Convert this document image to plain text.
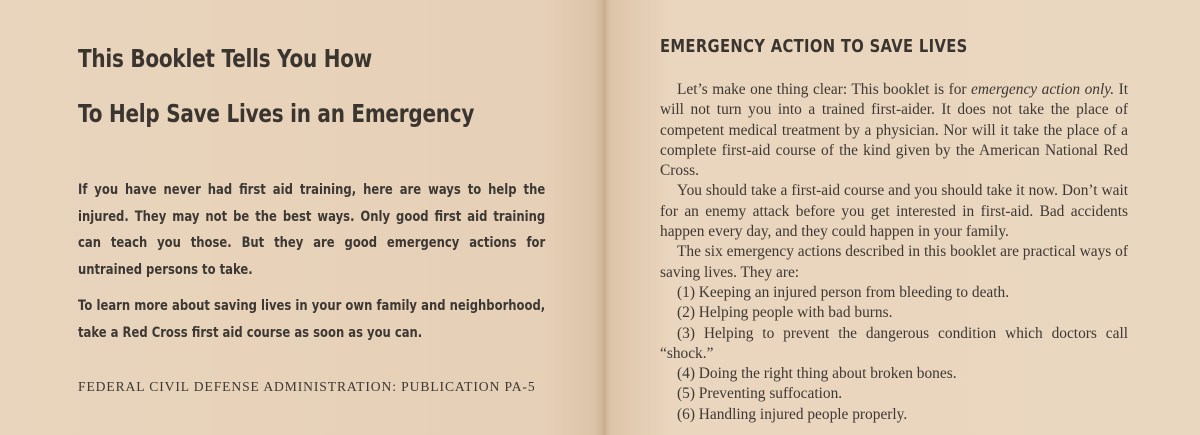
This Booklet Tells You How
To Help Save Lives in an Emergency

If you have never had first aid training, here are ways to help the injured. They may not be the best ways. Only good first aid training can teach you those. But they are good emergency actions for untrained persons to take.

To learn more about saving lives in your own family and neighborhood, take a Red Cross first aid course as soon as you can.

FEDERAL CIVIL DEFENSE ADMINISTRATION: PUBLICATION PA-5

EMERGENCY ACTION TO SAVE LIVES

Let’s make one thing clear: This booklet is for emergency action only. It will not turn you into a trained first-aider. It does not take the place of competent medical treatment by a physician. Nor will it take the place of a complete first-aid course of the kind given by the American National Red Cross.

You should take a first-aid course and you should take it now. Don’t wait for an enemy attack before you get interested in first-aid. Bad accidents happen every day, and they could happen in your family.

The six emergency actions described in this booklet are practical ways of saving lives. They are:

(1) Keeping an injured person from bleeding to death.
(2) Helping people with bad burns.
(3) Helping to prevent the dangerous condition which doctors call “shock.”
(4) Doing the right thing about broken bones.
(5) Preventing suffocation.
(6) Handling injured people properly.
